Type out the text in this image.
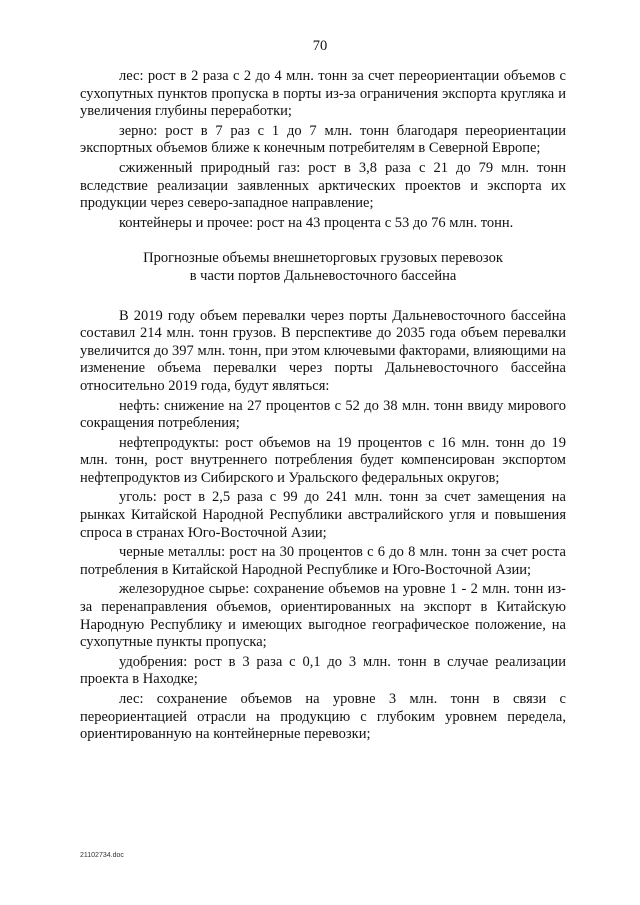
70

лес: рост в 2 раза с 2 до 4 млн. тонн за счет переориентации объемов с сухопутных пунктов пропуска в порты из-за ограничения экспорта кругляка и увеличения глубины переработки;

зерно: рост в 7 раз с 1 до 7 млн. тонн благодаря переориентации экспортных объемов ближе к конечным потребителям в Северной Европе;

сжиженный природный газ: рост в 3,8 раза с 21 до 79 млн. тонн вследствие реализации заявленных арктических проектов и экспорта их продукции через северо-западное направление;

контейнеры и прочее: рост на 43 процента с 53 до 76 млн. тонн.

Прогнозные объемы внешнеторговых грузовых перевозок
в части портов Дальневосточного бассейна

В 2019 году объем перевалки через порты Дальневосточного бассейна составил 214 млн. тонн грузов. В перспективе до 2035 года объем перевалки увеличится до 397 млн. тонн, при этом ключевыми факторами, влияющими на изменение объема перевалки через порты Дальневосточного бассейна относительно 2019 года, будут являться:

нефть: снижение на 27 процентов с 52 до 38 млн. тонн ввиду мирового сокращения потребления;

нефтепродукты: рост объемов на 19 процентов с 16 млн. тонн до 19 млн. тонн, рост внутреннего потребления будет компенсирован экспортом нефтепродуктов из Сибирского и Уральского федеральных округов;

уголь: рост в 2,5 раза с 99 до 241 млн. тонн за счет замещения на рынках Китайской Народной Республики австралийского угля и повышения спроса в странах Юго-Восточной Азии;

черные металлы: рост на 30 процентов с 6 до 8 млн. тонн за счет роста потребления в Китайской Народной Республике и Юго-Восточной Азии;

железорудное сырье: сохранение объемов на уровне 1 - 2 млн. тонн из-за перенаправления объемов, ориентированных на экспорт в Китайскую Народную Республику и имеющих выгодное географическое положение, на сухопутные пункты пропуска;

удобрения: рост в 3 раза с 0,1 до 3 млн. тонн в случае реализации проекта в Находке;

лес: сохранение объемов на уровне 3 млн. тонн в связи с переориентацией отрасли на продукцию с глубоким уровнем передела, ориентированную на контейнерные перевозки;

21102734.doc
